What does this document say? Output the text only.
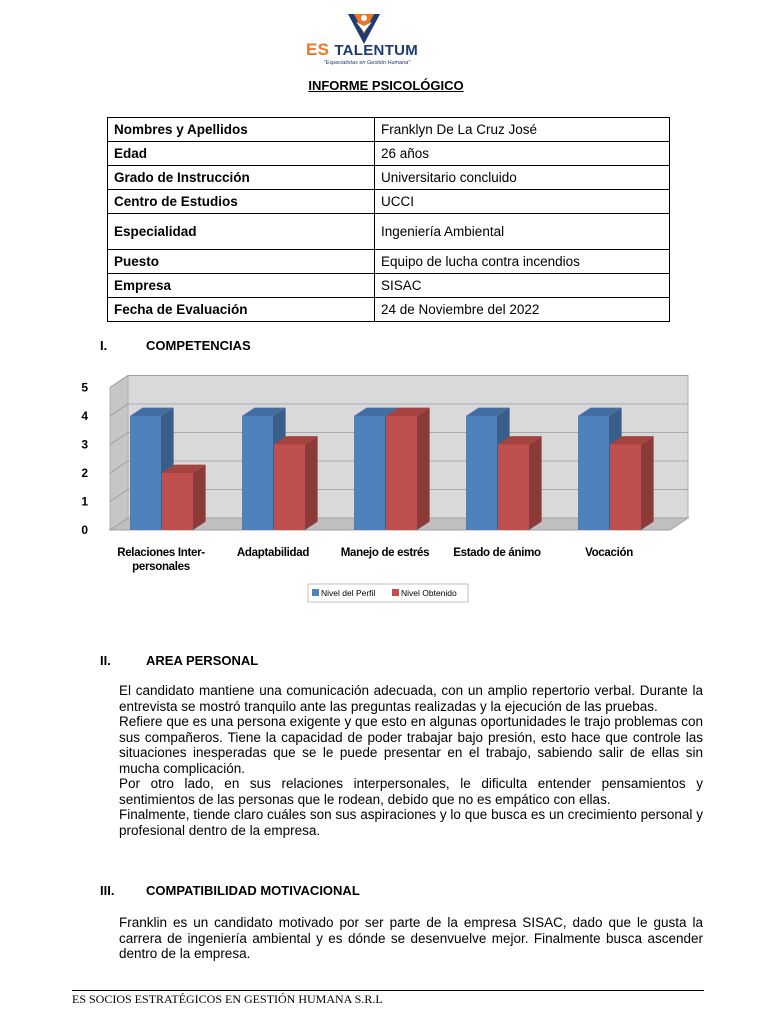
ES TALENTUM
"Especialistas en Gestión Humana"
INFORME PSICOLÓGICO
Nombres y Apellidos	Franklyn De La Cruz José
Edad	26 años
Grado de Instrucción	Universitario concluido
Centro de Estudios	UCCI
Especialidad	Ingeniería Ambiental
Puesto	Equipo de lucha contra incendios
Empresa	SISAC
Fecha de Evaluación	24 de Noviembre del 2022
I.	COMPETENCIAS
0
1
2
3
4
5
Relaciones Inter-
personales
Adaptabilidad	Manejo de estrés Estado de ánimo	Vocación
Nivel del Perfil	Nivel Obtenido
II.	AREA PERSONAL

El candidato mantiene una comunicación adecuada, con un amplio repertorio verbal. Durante la entrevista se mostró tranquilo ante las preguntas realizadas y la ejecución de las pruebas.

Refiere que es una persona exigente y que esto en algunas oportunidades le trajo problemas con sus compañeros. Tiene la capacidad de poder trabajar bajo presión, esto hace que controle las situaciones inesperadas que se le puede presentar en el trabajo, sabiendo salir de ellas sin mucha complicación.

Por otro lado, en sus relaciones interpersonales, le dificulta entender pensamientos y sentimientos de las personas que le rodean, debido que no es empático con ellas.

Finalmente, tiende claro cuáles son sus aspiraciones y lo que busca es un crecimiento personal y profesional dentro de la empresa.

III. COMPATIBILIDAD MOTIVACIONAL

Franklin es un candidato motivado por ser parte de la empresa SISAC, dado que le gusta la carrera de ingeniería ambiental y es dónde se desenvuelve mejor. Finalmente busca ascender dentro de la empresa.

ES SOCIOS ESTRATÉGICOS EN GESTIÓN HUMANA S.R.L
